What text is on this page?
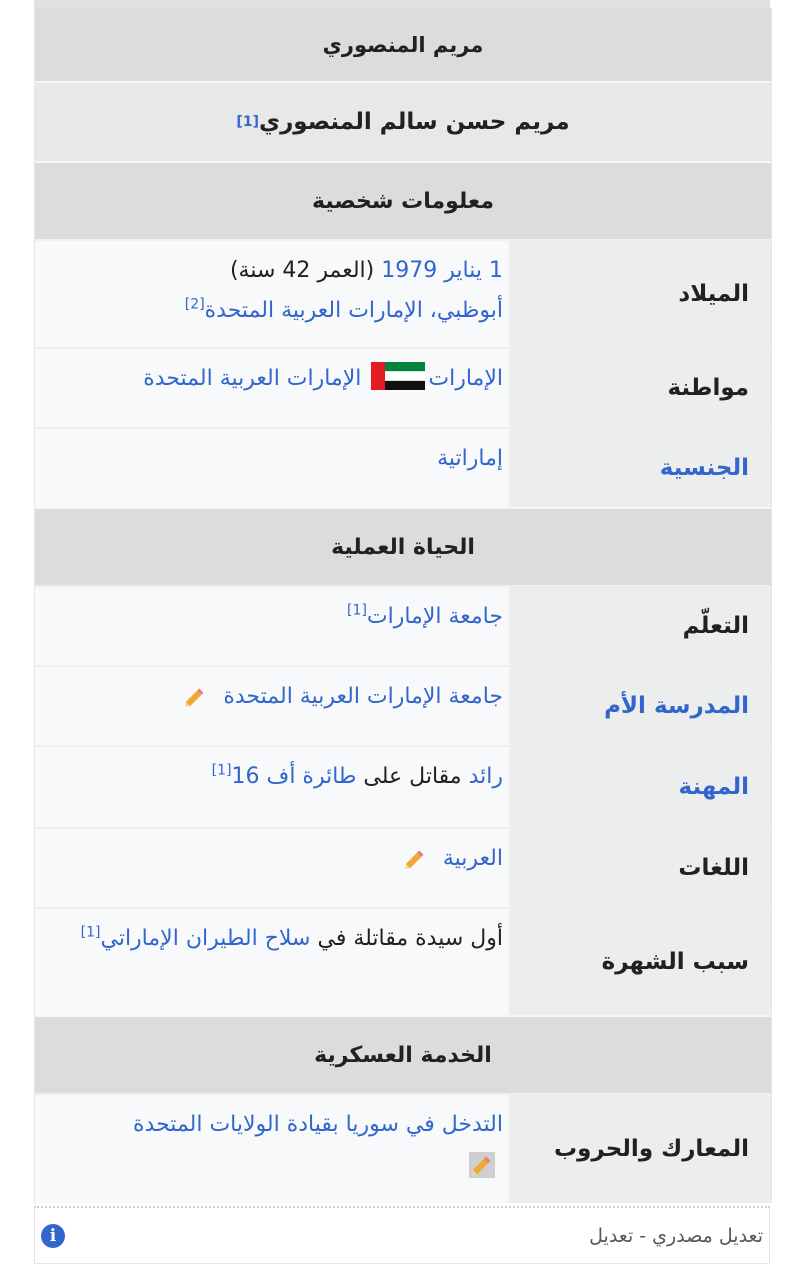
مريم المنصوري
مريم حسن سالم المنصوري
[1]
معلومات شخصية
الميلاد
1 يناير 1979 (العمر 42 سنة)
أبوظبي، الإمارات العربية المتحدة[2]
مواطنة
الإمارات
الإمارات العربية المتحدة
الجنسية
إماراتية
الحياة العملية
التعلّم
جامعة الإمارات[1]
المدرسة الأم
جامعة الإمارات العربية المتحدة
المهنة
رائد مقاتل على طائرة أف 16[1]
اللغات
العربية
سبب الشهرة
أول سيدة مقاتلة في سلاح الطيران الإماراتي[1]
الخدمة العسكرية
المعارك والحروب
التدخل في سوريا بقيادة الولايات المتحدة
i	تعديل مصدري - تعديل
